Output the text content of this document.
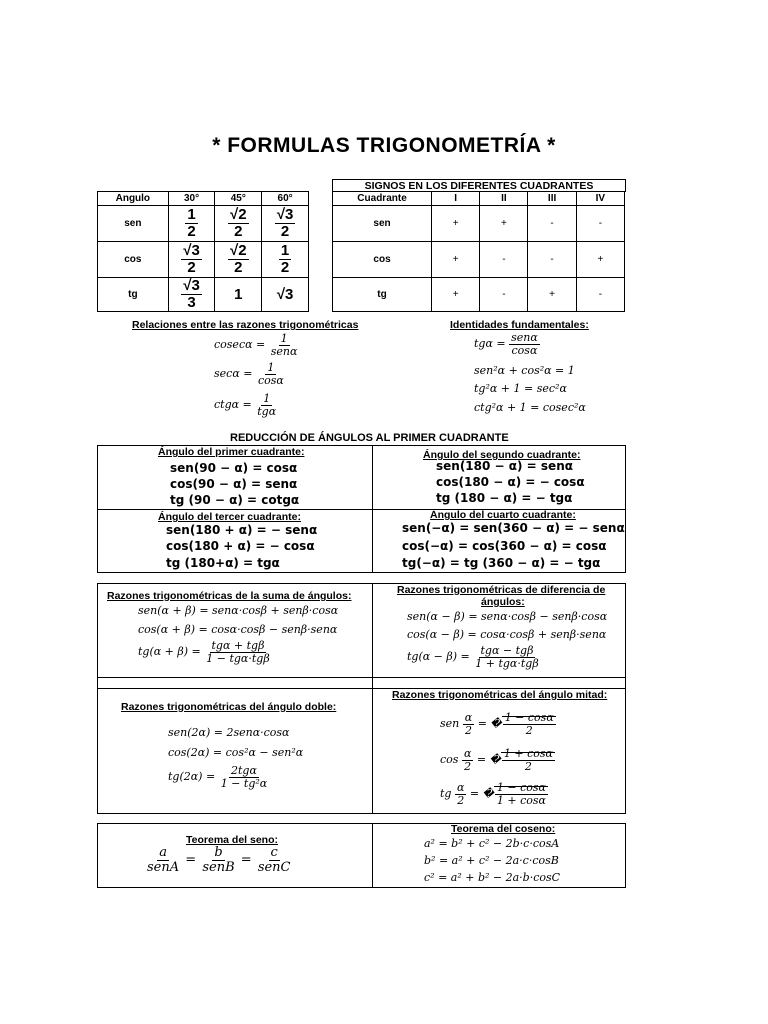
* FORMULAS TRIGONOMETRÍA *
Angulo	30°	45°	60°
sen	$\frac{1}{2}$	$\frac{√2}{2}$	$\frac{√3}{2}$

cos	$\frac{√3}{2}$	$\frac{√2}{2}$	$\frac{1}{2}$

tg	$\frac{√3}{3}$	1	√3
SIGNOS EN LOS DIFERENTES CUADRANTES
Cuadrante	I	II	III	IV
sen	+	+	-	-
cos	+	-	-	+
tg	+	-	+	-
Relaciones entre las razones trigonométricas
$cosec\alpha = \frac{1}{\text{senα}}$
$\sec\alpha = \frac{1}{\cos\alpha}$
$ctg\alpha = \frac{1}{\text{tgα}}$
Identidades fundamentales:
$tg\alpha = \frac{\text{senα}}{\cos\alpha}$
sen²α + cos²α = 1
tg²α + 1 = sec²α
ctg²α + 1 = cosec²α
REDUCCIÓN DE ÁNGULOS AL PRIMER CUADRANTE
Ángulo del primer cuadrante:
sen(90 − α) = cosα
cos(90 − α) = senα
tg (90 − α) = cotgα
Ángulo del segundo cuadrante:
sen(180 − α) = senα
cos(180 − α) = − cosα
tg (180 − α) = − tgα
Ángulo del tercer cuadrante:
sen(180 + α) = − senα
cos(180 + α) = − cosα
tg (180+α) = tgα
Ángulo del cuarto cuadrante:
sen(−α) = sen(360 − α) = − senα
cos(−α) = cos(360 − α) = cosα
tg(−α) = tg (360 − α) = − tgα
Razones trigonométricas de la suma de ángulos:
sen(α + β) = senα·cosβ + senβ·cosα
cos(α + β) = cosα·cosβ − senβ·senα
$tg(\alpha + \beta) = \frac{\text{tgα + tgβ}}{\text{1 − tgα·tgβ}}$
Razones trigonométricas de diferencia de
ángulos:
sen(α − β) = senα·cosβ − senβ·cosα
cos(α − β) = cosα·cosβ + senβ·senα
$tg(\alpha - \beta) = \frac{\text{tgα − tgβ}}{\text{1 + tgα·tgβ}}$
Razones trigonométricas del ángulo doble:
sen(2α) = 2senα·cosα
cos(2α) = cos²α − sen²α
$tg(2\alpha) = \frac{\text{2tgα}}{\text{1 − tg²α}}$
Razones trigonométricas del ángulo mitad:
sen $\frac{\alpha}{2}$ = � $\frac{1 - \cos\alpha}{2}$
$\cos \frac{\alpha}{2}$ = � $\frac{1 + \cos\alpha}{2}$
tg $\frac{\alpha}{2}$ = � $\frac{1 - \cos\alpha}{1 + \cos\alpha}$
Teorema del seno:
$\frac{a}{\text{senA}} = \frac{b}{\text{senB}} = \frac{c}{\text{senC}}$
Teorema del coseno:
a² = b² + c² − 2b·c·cosA
b² = a² + c² − 2a·c·cosB
c² = a² + b² − 2a·b·cosC
